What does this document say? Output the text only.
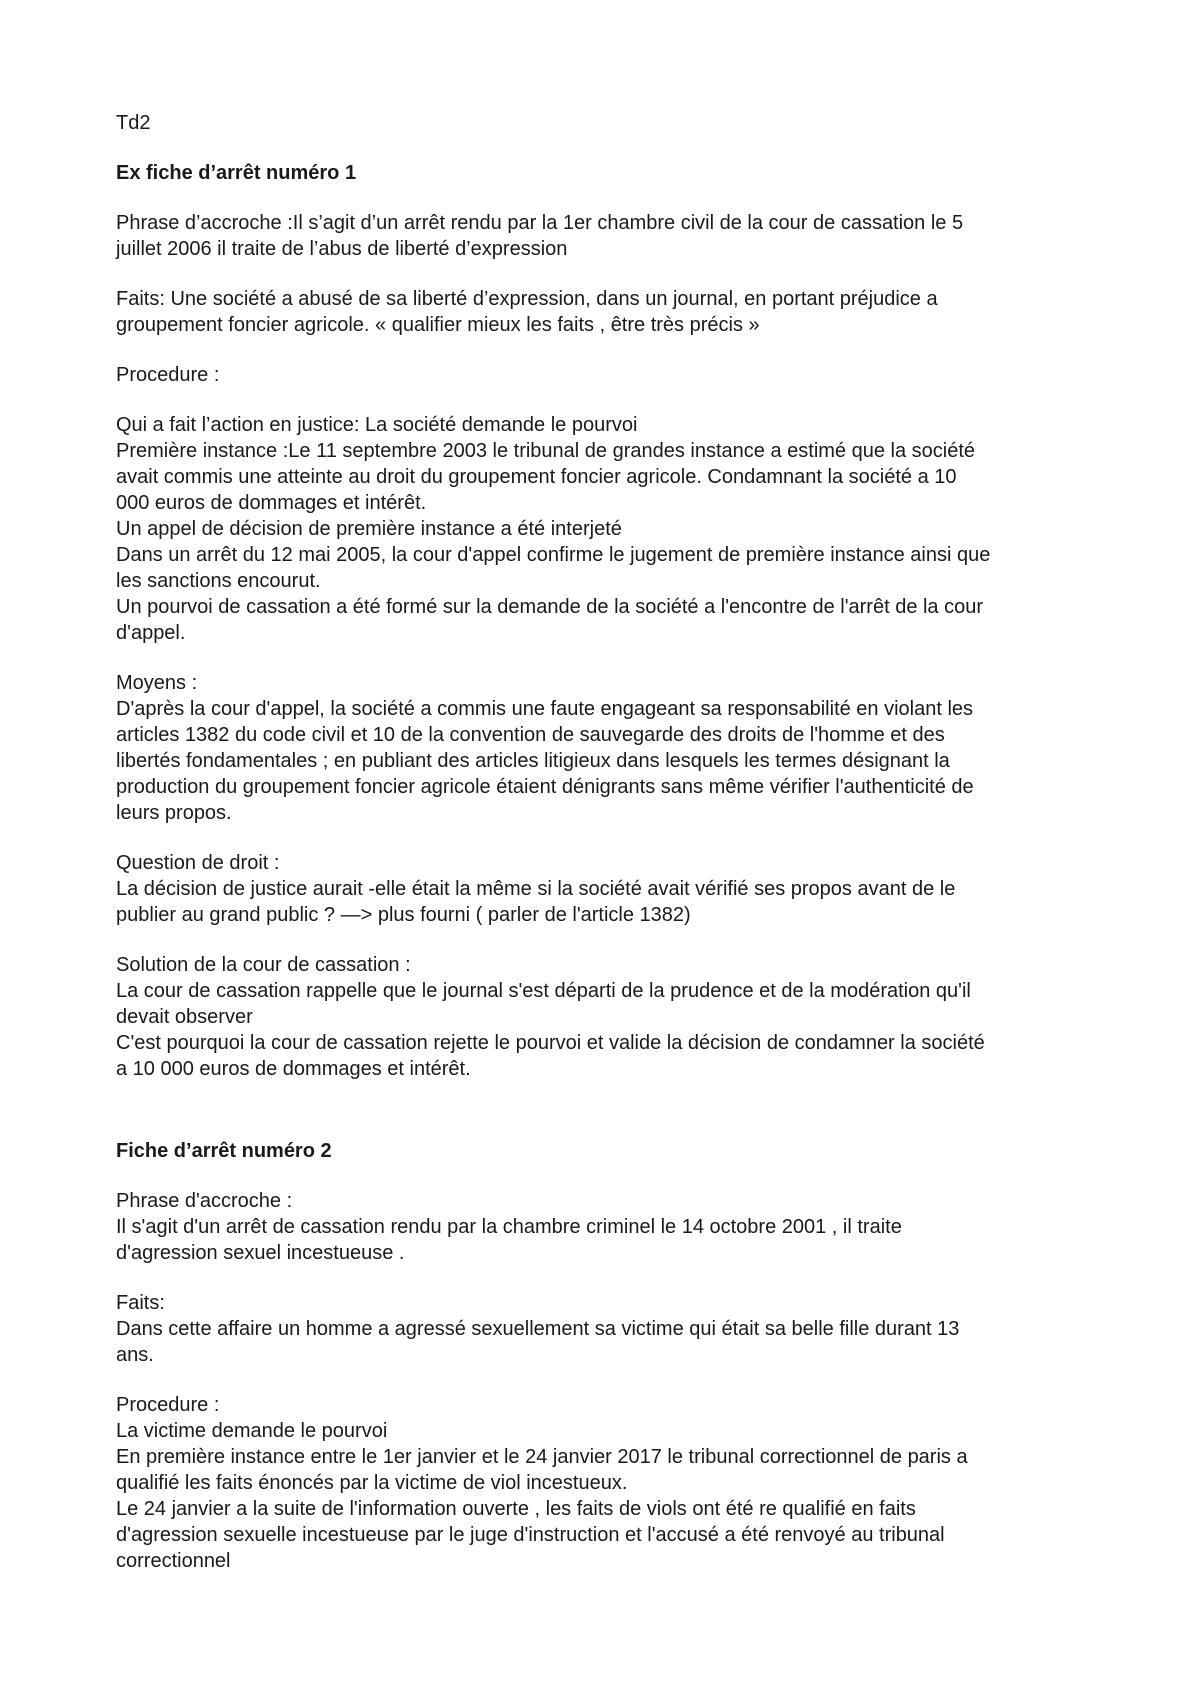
Td2
Ex fiche d’arrêt numéro 1
Phrase d’accroche :Il s’agit d’un arrêt rendu par la 1er chambre civil de la cour de cassation le 5
juillet 2006 il traite de l’abus de liberté d’expression
Faits: Une société a abusé de sa liberté d’expression, dans un journal, en portant préjudice a
groupement foncier agricole. « qualifier mieux les faits , être très précis »
Procedure :
Qui a fait l’action en justice: La société demande le pourvoi
Première instance :Le 11 septembre 2003 le tribunal de grandes instance a estimé que la société
avait commis une atteinte au droit du groupement foncier agricole. Condamnant la société a 10
000 euros de dommages et intérêt.
Un appel de décision de première instance a été interjeté
Dans un arrêt du 12 mai 2005, la cour d'appel confirme le jugement de première instance ainsi que
les sanctions encourut.
Un pourvoi de cassation a été formé sur la demande de la société a l'encontre de l'arrêt de la cour
d'appel.
Moyens :
D'après la cour d'appel, la société a commis une faute engageant sa responsabilité en violant les
articles 1382 du code civil et 10 de la convention de sauvegarde des droits de l'homme et des
libertés fondamentales ; en publiant des articles litigieux dans lesquels les termes désignant la
production du groupement foncier agricole étaient dénigrants sans même vérifier l'authenticité de
leurs propos.
Question de droit :
La décision de justice aurait -elle était la même si la société avait vérifié ses propos avant de le
publier au grand public ? —> plus fourni ( parler de l'article 1382)
Solution de la cour de cassation :
La cour de cassation rappelle que le journal s'est départi de la prudence et de la modération qu'il
devait observer
C'est pourquoi la cour de cassation rejette le pourvoi et valide la décision de condamner la société
a 10 000 euros de dommages et intérêt.
Fiche d’arrêt numéro 2
Phrase d'accroche :
Il s'agit d'un arrêt de cassation rendu par la chambre criminel le 14 octobre 2001 , il traite
d'agression sexuel incestueuse .
Faits:
Dans cette affaire un homme a agressé sexuellement sa victime qui était sa belle fille durant 13
ans.
Procedure :
La victime demande le pourvoi
En première instance entre le 1er janvier et le 24 janvier 2017 le tribunal correctionnel de paris a
qualifié les faits énoncés par la victime de viol incestueux.
Le 24 janvier a la suite de l'information ouverte , les faits de viols ont été re qualifié en faits
d'agression sexuelle incestueuse par le juge d'instruction et l'accusé a été renvoyé au tribunal
correctionnel
